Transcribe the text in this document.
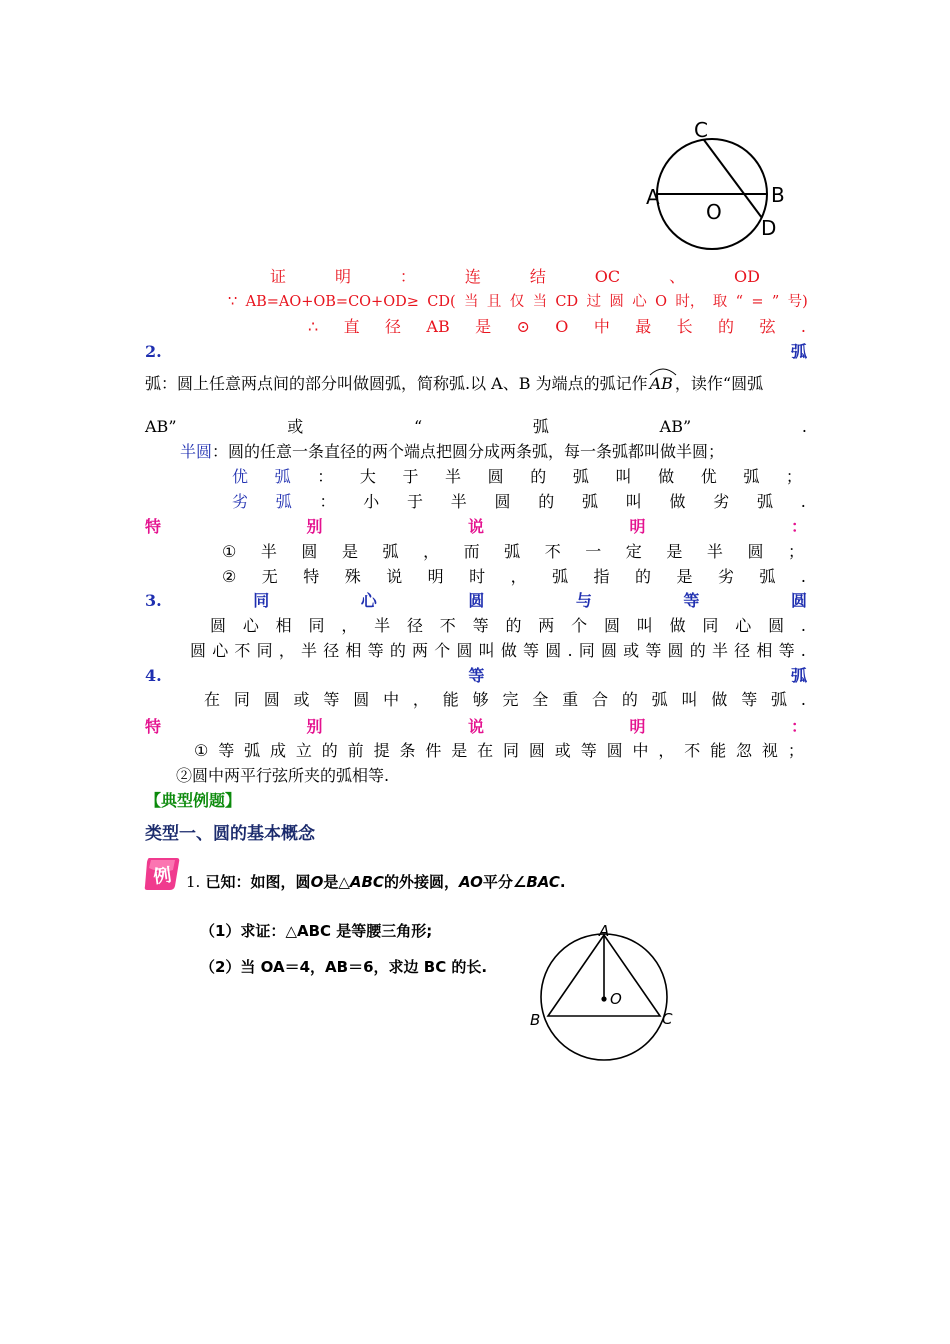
C
A
O
B
D
证	明	：	连	结	OC	、	OD
∵ AB=AO+OB=CO+OD≥ CD( 当 且 仅 当 CD 过 圆 心 O 时， 取 “ = ” 号)
∴ 直 径 AB 是 ⊙ O 中 最 长 的 弦 .
2.	弧
弧：圆上任意两点间的部分叫做圆弧，简称弧.以 A、B 为端点的弧记作 AB ，读作“圆弧
AB”	或	“	弧	AB”	.
半圆：圆的任意一条直径的两个端点把圆分成两条弧，每一条弧都叫做半圆；
优 弧 ： 大 于 半 圆 的 弧 叫 做 优 弧 ；
劣 弧 ： 小 于 半 圆 的 弧 叫 做 劣 弧 .
特	别	说	明	：
① 半 圆 是 弧 ， 而 弧 不 一 定 是 半 圆 ；
② 无 特 殊 说 明 时 ， 弧 指 的 是 劣 弧 .
3.	同	心	圆	与	等	圆
圆 心 相 同 ， 半 径 不 等 的 两 个 圆 叫 做 同 心 圆 .
圆 心 不 同 ， 半 径 相 等 的 两 个 圆 叫 做 等 圆 . 同 圆 或 等 圆 的 半 径 相 等 .
4.	等	弧
在 同 圆 或 等 圆 中 ， 能 够 完 全 重 合 的 弧 叫 做 等 弧 .
特	别	说	明	：
① 等 弧 成 立 的 前 提 条 件 是 在 同 圆 或 等 圆 中 ， 不 能 忽 视 ；
②圆中两平行弦所夹的弧相等.
【典型例题】
类型一、圆的基本概念
例 1. 已知：如图，圆O是△ABC的外接圆，AO平分∠BAC.
（1）求证：△ABC 是等腰三角形;
（2）当 OA＝4，AB＝6，求边 BC 的长.
A
O
B	C
